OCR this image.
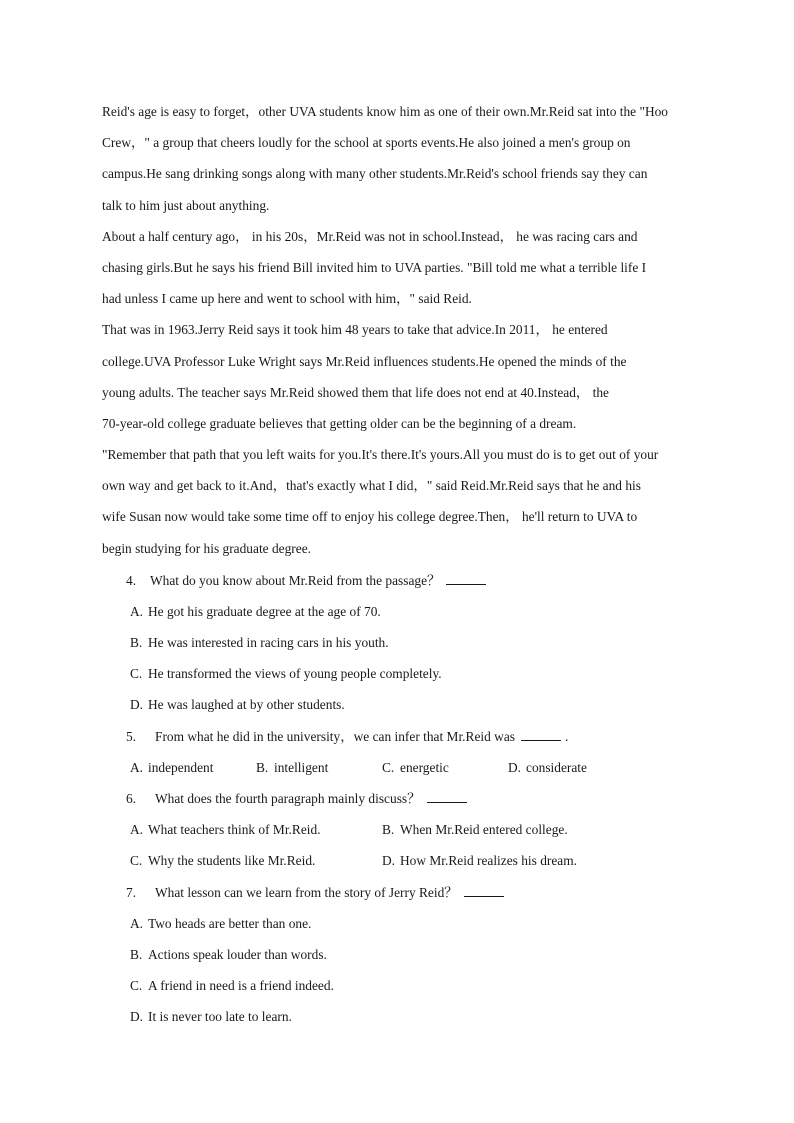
Reid's age is easy to forget，other UVA students know him as one of their own.Mr.Reid sat into the "Hoo
Crew，" a group that cheers loudly for the school at sports events.He also joined a men's group on
campus.He sang drinking songs along with many other students.Mr.Reid's school friends say they can
talk to him just about anything.
About a half century ago， in his 20s，Mr.Reid was not in school.Instead， he was racing cars and
chasing girls.But he says his friend Bill invited him to UVA parties. "Bill told me what a terrible life I
had unless I came up here and went to school with him，" said Reid.
That was in 1963.Jerry Reid says it took him 48 years to take that advice.In 2011， he entered
college.UVA Professor Luke Wright says Mr.Reid influences students.He opened the minds of the
young adults. The teacher says Mr.Reid showed them that life does not end at 40.Instead， the
70-year-old college graduate believes that getting older can be the beginning of a dream.
"Remember that path that you left waits for you.It's there.It's yours.All you must do is to get out of your
own way and get back to it.And，that's exactly what I did，" said Reid.Mr.Reid says that he and his
wife Susan now would take some time off to enjoy his college degree.Then， he'll return to UVA to
begin studying for his graduate degree.
4. What do you know about Mr.Reid from the passage？
A. He got his graduate degree at the age of 70.
B. He was interested in racing cars in his youth.
C. He transformed the views of young people completely.
D. He was laughed at by other students.
5. From what he did in the university，we can infer that Mr.Reid was	.
A. independent	B. intelligent	C. energetic	D. considerate
6. What does the fourth paragraph mainly discuss？
A. What teachers think of Mr.Reid.	B. When Mr.Reid entered college.
C. Why the students like Mr.Reid.	D. How Mr.Reid realizes his dream.
7. What lesson can we learn from the story of Jerry Reid？
A. Two heads are better than one.
B. Actions speak louder than words.
C. A friend in need is a friend indeed.
D. It is never too late to learn.
